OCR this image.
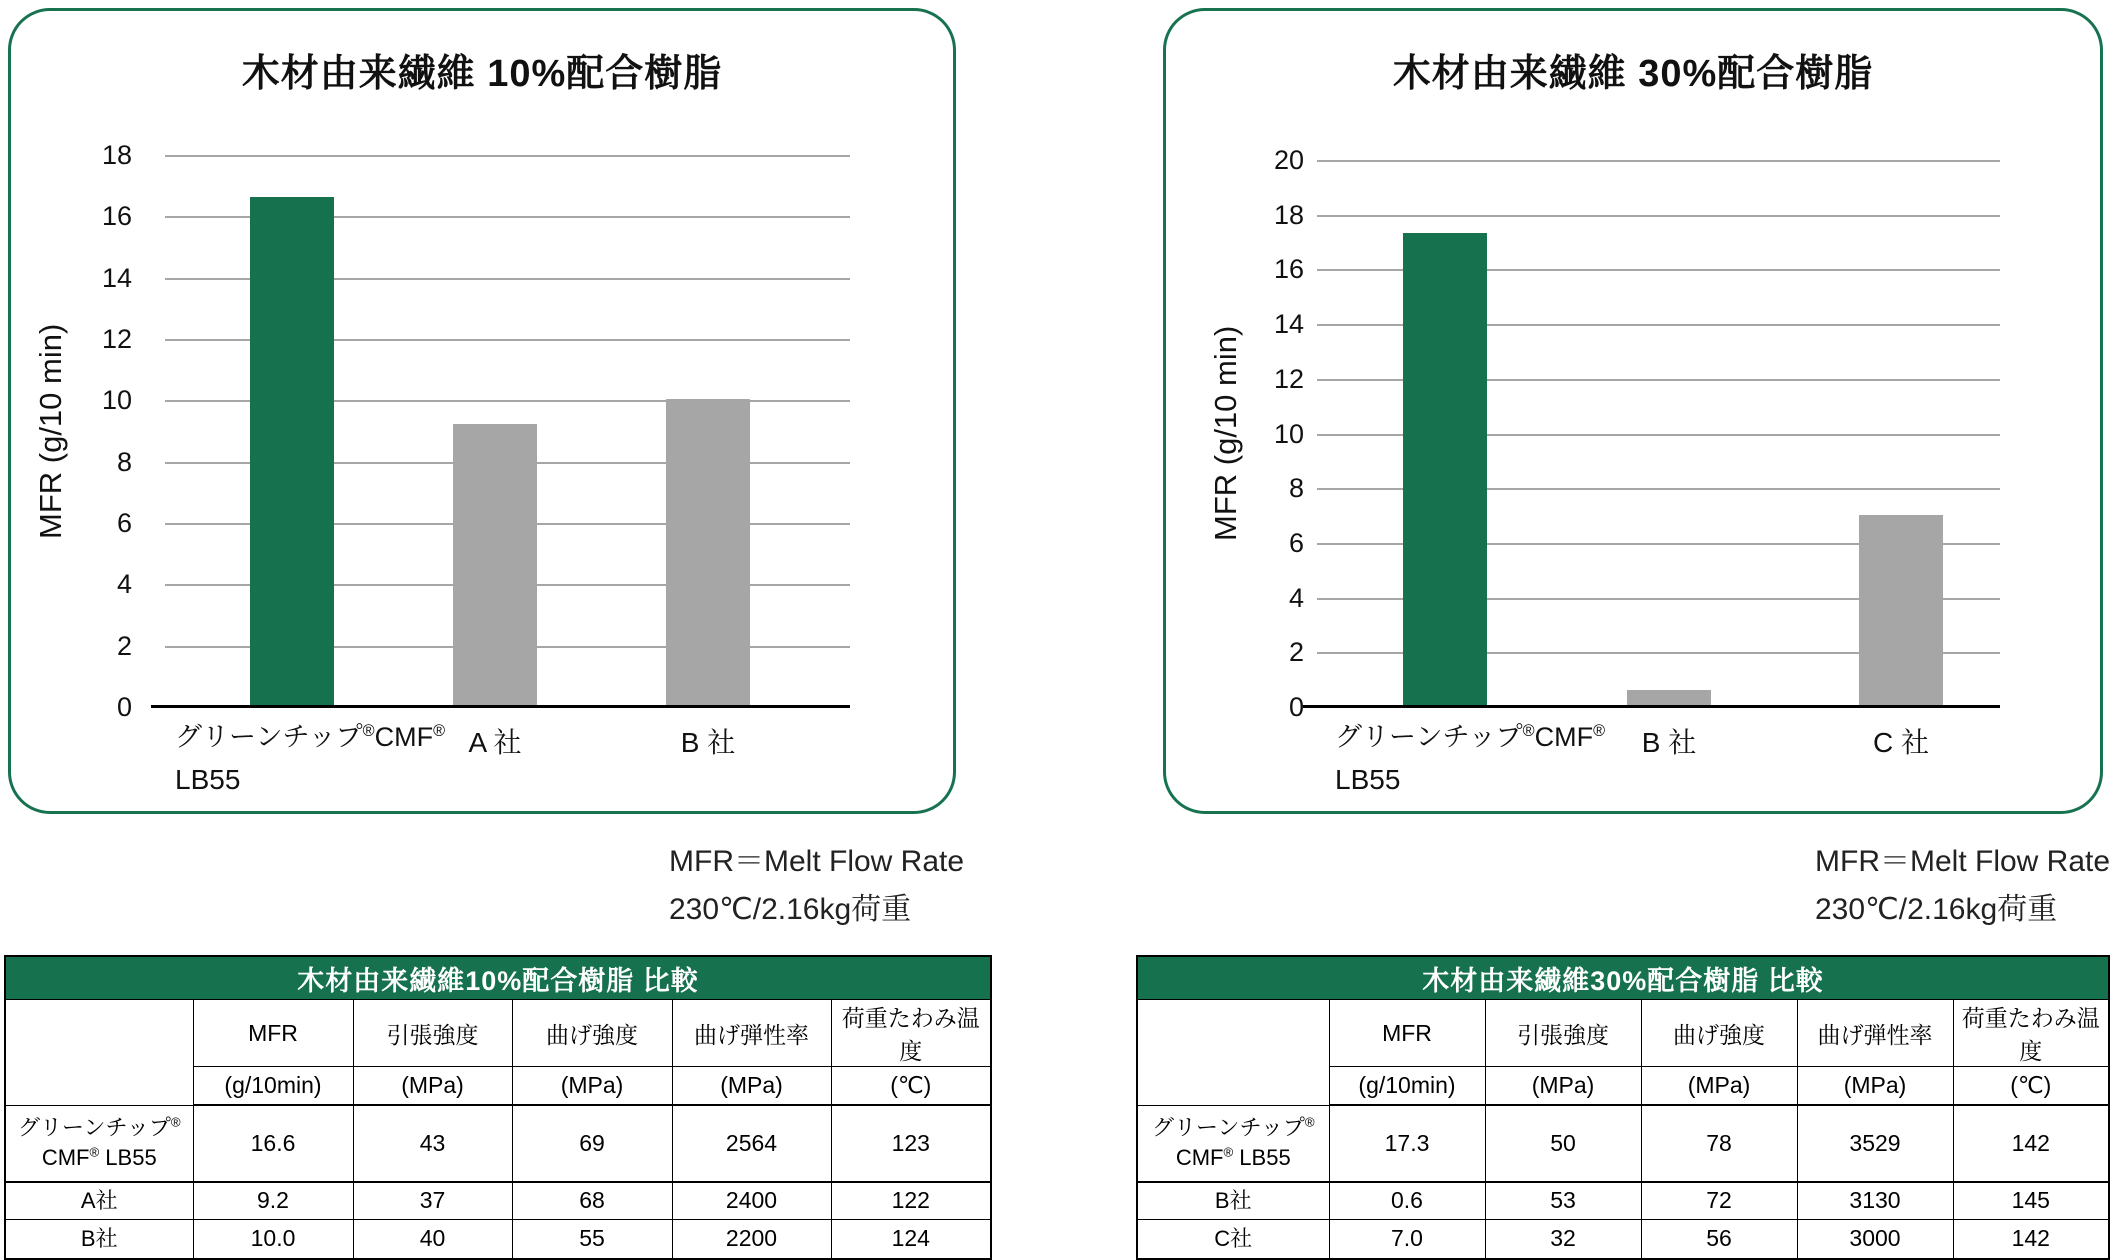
木材由来繊維 10%配合樹脂	木材由来繊維 30%配合樹脂
MFR (g/10 min)	MFR (g/10 min)
MFR＝Melt Flow Rate
230℃/2.16kg荷重
MFR＝Melt Flow Rate
230℃/2.16kg荷重
木材由来繊維10%配合樹脂 比較					
	MFR	引張強度	曲げ強度	曲げ弾性率	荷重たわみ温度
	(g/10min)	(MPa)	(MPa)	(MPa)	(℃)

グリーンチップ®
CMF® LB55	16.6	43	69	2564	123

A社	9.2	37	68	2400	122

B社	10.0	40	55	2200	124
木材由来繊維30%配合樹脂 比較					
	MFR	引張強度	曲げ強度	曲げ弾性率	荷重たわみ温度
	(g/10min)	(MPa)	(MPa)	(MPa)	(℃)

グリーンチップ®
CMF® LB55	17.3	50	78	3529	142

B社	0.6	53	72	3130	145

C社	7.0	32	56	3000	142
0
2
4
6
8
10
12
14
16
18
グリーンチップ®CMF®
LB55
A 社	B 社
0
2
4
6
8
10
12
14
16
18
20
グリーンチップ®CMF®
LB55
B 社	C 社
